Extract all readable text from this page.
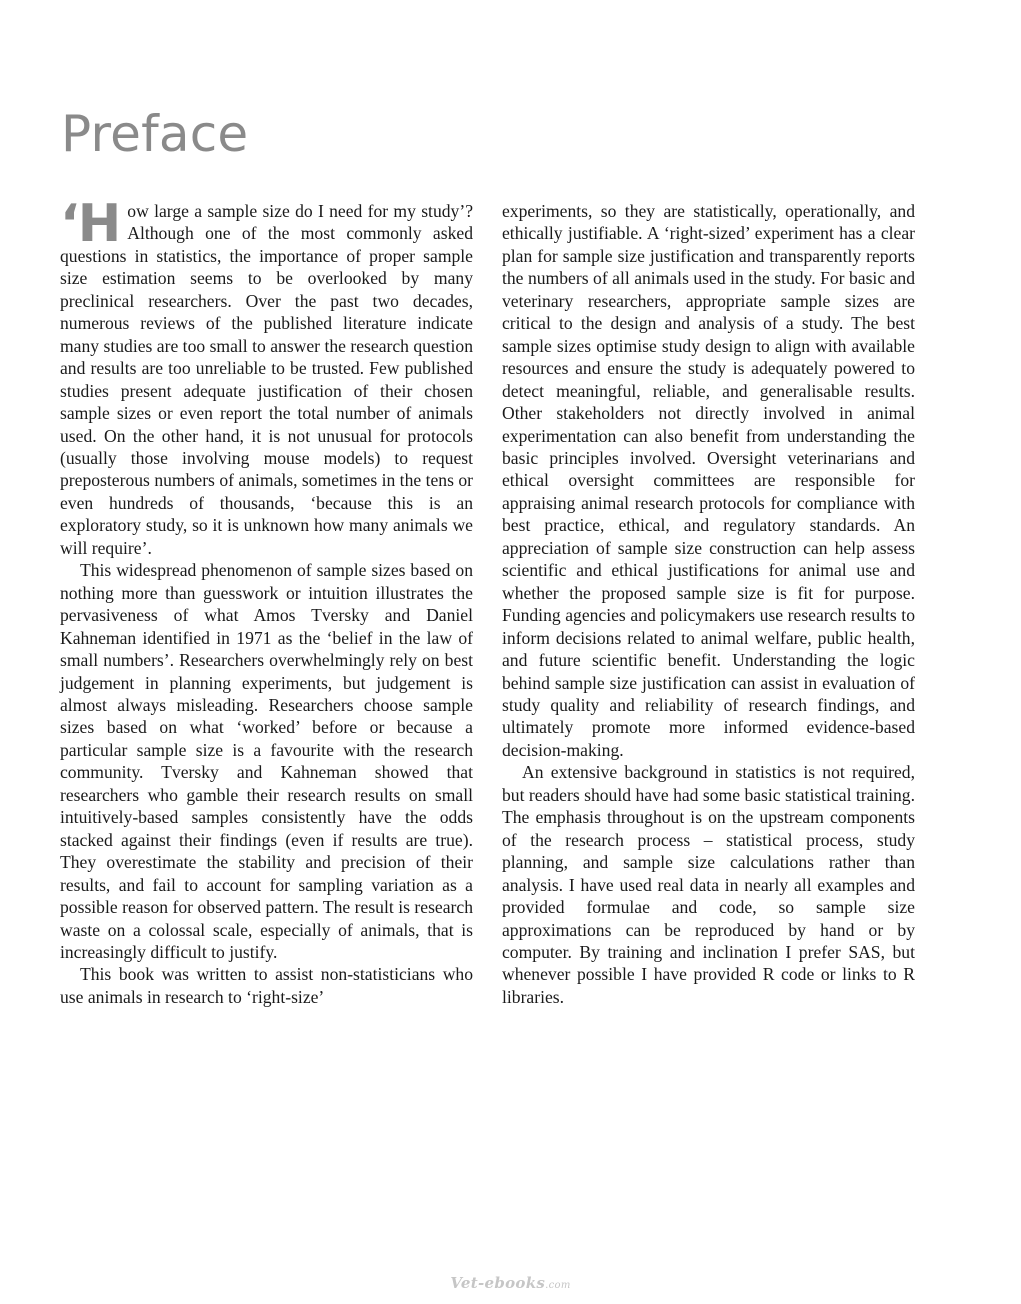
Preface

‘How large a sample size do I need for my study’? Although one of the most commonly asked questions in statistics, the importance of proper sample size estimation seems to be overlooked by many preclinical researchers. Over the past two decades, numerous reviews of the published literature indicate many studies are too small to answer the research question and results are too unreliable to be trusted. Few published studies present adequate justification of their chosen sample sizes or even report the total number of animals used. On the other hand, it is not unusual for protocols (usually those involving mouse models) to request preposterous numbers of animals, sometimes in the tens or even hundreds of thousands, ‘because this is an exploratory study, so it is unknown how many animals we will require’.

This widespread phenomenon of sample sizes based on nothing more than guesswork or intuition illustrates the pervasiveness of what Amos Tversky and Daniel Kahneman identified in 1971 as the ‘belief in the law of small numbers’. Researchers overwhelmingly rely on best judgement in planning experiments, but judgement is almost always misleading. Researchers choose sample sizes based on what ‘worked’ before or because a particular sample size is a favourite with the research community. Tversky and Kahneman showed that researchers who gamble their research results on small intuitively-based samples consistently have the odds stacked against their findings (even if results are true). They overestimate the stability and precision of their results, and fail to account for sampling variation as a possible reason for observed pattern. The result is research waste on a colossal scale, especially of animals, that is increasingly difficult to justify.

This book was written to assist non-statisticians who use animals in research to ‘right-size’

experiments, so they are statistically, operationally, and ethically justifiable. A ‘right-sized’ experiment has a clear plan for sample size justification and transparently reports the numbers of all animals used in the study. For basic and veterinary researchers, appropriate sample sizes are critical to the design and analysis of a study. The best sample sizes optimise study design to align with available resources and ensure the study is adequately powered to detect meaningful, reliable, and generalisable results. Other stakeholders not directly involved in animal experimentation can also benefit from understanding the basic principles involved. Oversight veterinarians and ethical oversight committees are responsible for appraising animal research protocols for compliance with best practice, ethical, and regulatory standards. An appreciation of sample size construction can help assess scientific and ethical justifications for animal use and whether the proposed sample size is fit for purpose. Funding agencies and policymakers use research results to inform decisions related to animal welfare, public health, and future scientific benefit. Understanding the logic behind sample size justification can assist in evaluation of study quality and reliability of research findings, and ultimately promote more informed evidence-based decision-making.

An extensive background in statistics is not required, but readers should have had some basic statistical training. The emphasis throughout is on the upstream components of the research process – statistical process, study planning, and sample size calculations rather than analysis. I have used real data in nearly all examples and provided formulae and code, so sample size approximations can be reproduced by hand or by computer. By training and inclination I prefer SAS, but whenever possible I have provided R code or links to R libraries.

Vet-ebooks.com
